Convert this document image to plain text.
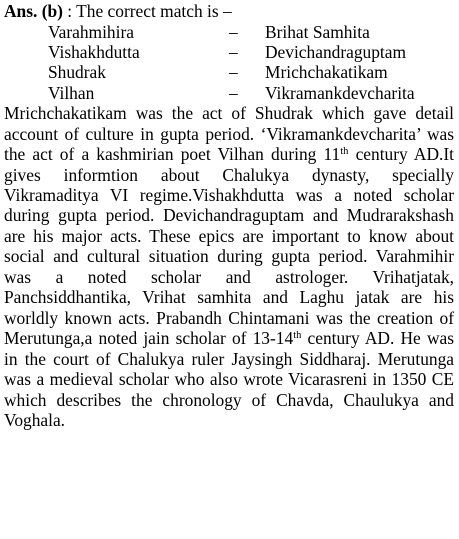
Ans. (b) : The correct match is –
Varahmihira	–	Brihat Samhita
Vishakhdutta	–	Devichandraguptam
Shudrak	–	Mrichchakatikam
Vilhan	–	Vikramankdevcharita

Mrichchakatikam was the act of Shudrak which gave detail account of culture in gupta period. ‘Vikramankdevcharita’ was the act of a kashmirian poet Vilhan during 11th century AD.It gives informtion about Chalukya dynasty, specially Vikramaditya VI regime.Vishakhdutta was a noted scholar during gupta period. Devichandraguptam and Mudrarakshash are his major acts. These epics are important to know about social and cultural situation during gupta period. Varahmihir was a noted scholar and astrologer. Vrihatjatak, Panchsiddhantika, Vrihat samhita and Laghu jatak are his worldly known acts. Prabandh Chintamani was the creation of Merutunga,a noted jain scholar of 13-14th century AD. He was in the court of Chalukya ruler Jaysingh Siddharaj. Merutunga was a medieval scholar who also wrote Vicarasreni in 1350 CE which describes the chronology of Chavda, Chaulukya and Voghala.
